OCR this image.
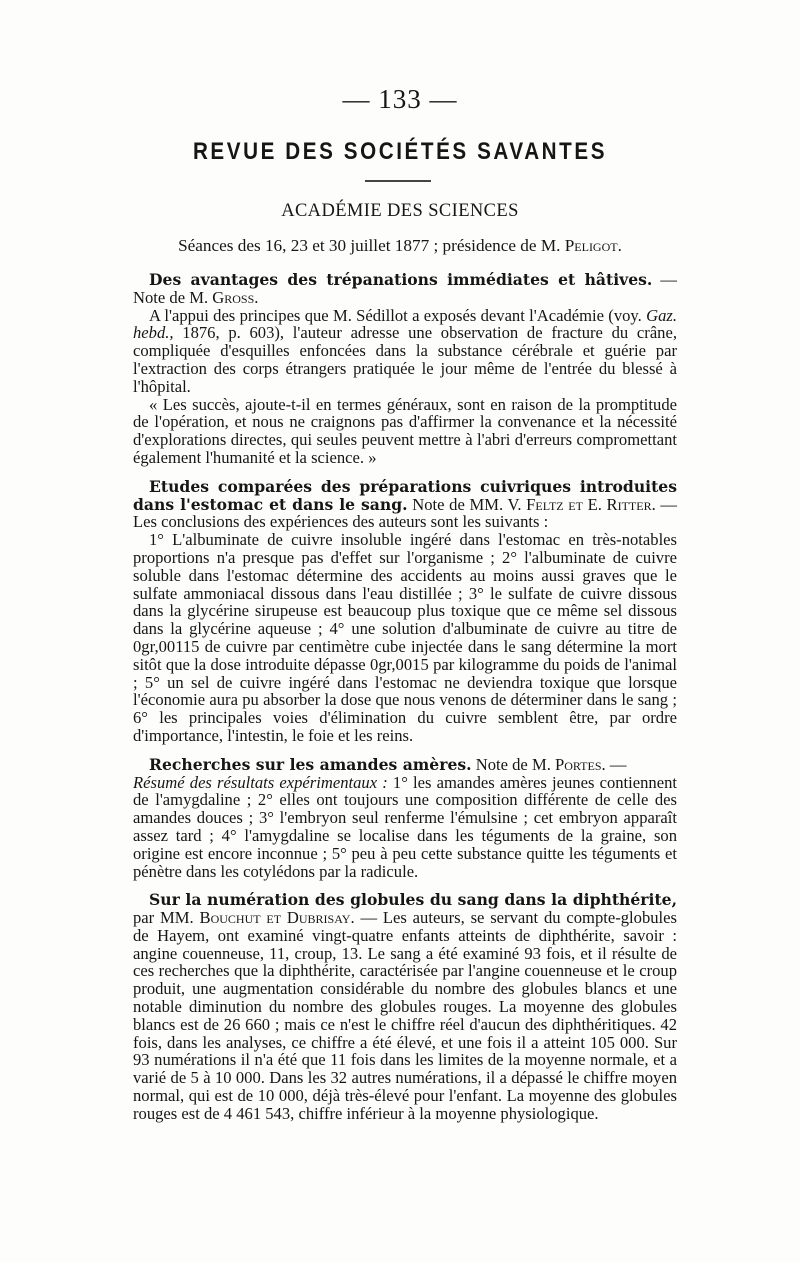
— 133 —
REVUE DES SOCIÉTÉS SAVANTES
ACADÉMIE DES SCIENCES
Séances des 16, 23 et 30 juillet 1877 ; présidence de M. Peligot.

Des avantages des trépanations immédiates et hâtives. — Note de M. Gross.

A l'appui des principes que M. Sédillot a exposés devant l'Académie (voy. Gaz. hebd., 1876, p. 603), l'auteur adresse une observation de fracture du crâne, compliquée d'esquilles enfoncées dans la substance cérébrale et guérie par l'extraction des corps étrangers pratiquée le jour même de l'entrée du blessé à l'hôpital.

« Les succès, ajoute-t-il en termes généraux, sont en raison de la promptitude de l'opération, et nous ne craignons pas d'affirmer la convenance et la nécessité d'explorations directes, qui seules peuvent mettre à l'abri d'erreurs compromettant également l'humanité et la science. »

Etudes comparées des préparations cuivriques introduites dans l'estomac et dans le sang. Note de MM. V. Feltz et E. Ritter. — Les conclusions des expériences des auteurs sont les suivants :

1° L'albuminate de cuivre insoluble ingéré dans l'estomac en très-notables proportions n'a presque pas d'effet sur l'organisme ; 2° l'albuminate de cuivre soluble dans l'estomac détermine des accidents au moins aussi graves que le sulfate ammoniacal dissous dans l'eau distillée ; 3° le sulfate de cuivre dissous dans la glycérine sirupeuse est beaucoup plus toxique que ce même sel dissous dans la glycérine aqueuse ; 4° une solution d'albuminate de cuivre au titre de 0gr,00115 de cuivre par centimètre cube injectée dans le sang détermine la mort sitôt que la dose introduite dépasse 0gr,0015 par kilogramme du poids de l'animal ; 5° un sel de cuivre ingéré dans l'estomac ne deviendra toxique que lorsque l'économie aura pu absorber la dose que nous venons de déterminer dans le sang ; 6° les principales voies d'élimination du cuivre semblent être, par ordre d'importance, l'intestin, le foie et les reins.

Recherches sur les amandes amères. Note de M. Portes. —
Résumé des résultats expérimentaux : 1° les amandes amères jeunes contiennent de l'amygdaline ; 2° elles ont toujours une composition différente de celle des amandes douces ; 3° l'embryon seul renferme l'émulsine ; cet embryon apparaît assez tard ; 4° l'amygdaline se localise dans les téguments de la graine, son origine est encore inconnue ; 5° peu à peu cette substance quitte les téguments et pénètre dans les cotylédons par la radicule.

Sur la numération des globules du sang dans la diphthérite, par MM. Bouchut et Dubrisay. — Les auteurs, se servant du compte-globules de Hayem, ont examiné vingt-quatre enfants atteints de diphthérite, savoir : angine couenneuse, 11, croup, 13. Le sang a été examiné 93 fois, et il résulte de ces recherches que la diphthérite, caractérisée par l'angine couenneuse et le croup produit, une augmentation considérable du nombre des globules blancs et une notable diminution du nombre des globules rouges. La moyenne des globules blancs est de 26 660 ; mais ce n'est le chiffre réel d'aucun des diphthéritiques. 42 fois, dans les analyses, ce chiffre a été élevé, et une fois il a atteint 105 000. Sur 93 numérations il n'a été que 11 fois dans les limites de la moyenne normale, et a varié de 5 à 10 000. Dans les 32 autres numérations, il a dépassé le chiffre moyen normal, qui est de 10 000, déjà très-élevé pour l'enfant. La moyenne des globules rouges est de 4 461 543, chiffre inférieur à la moyenne physiologique.
